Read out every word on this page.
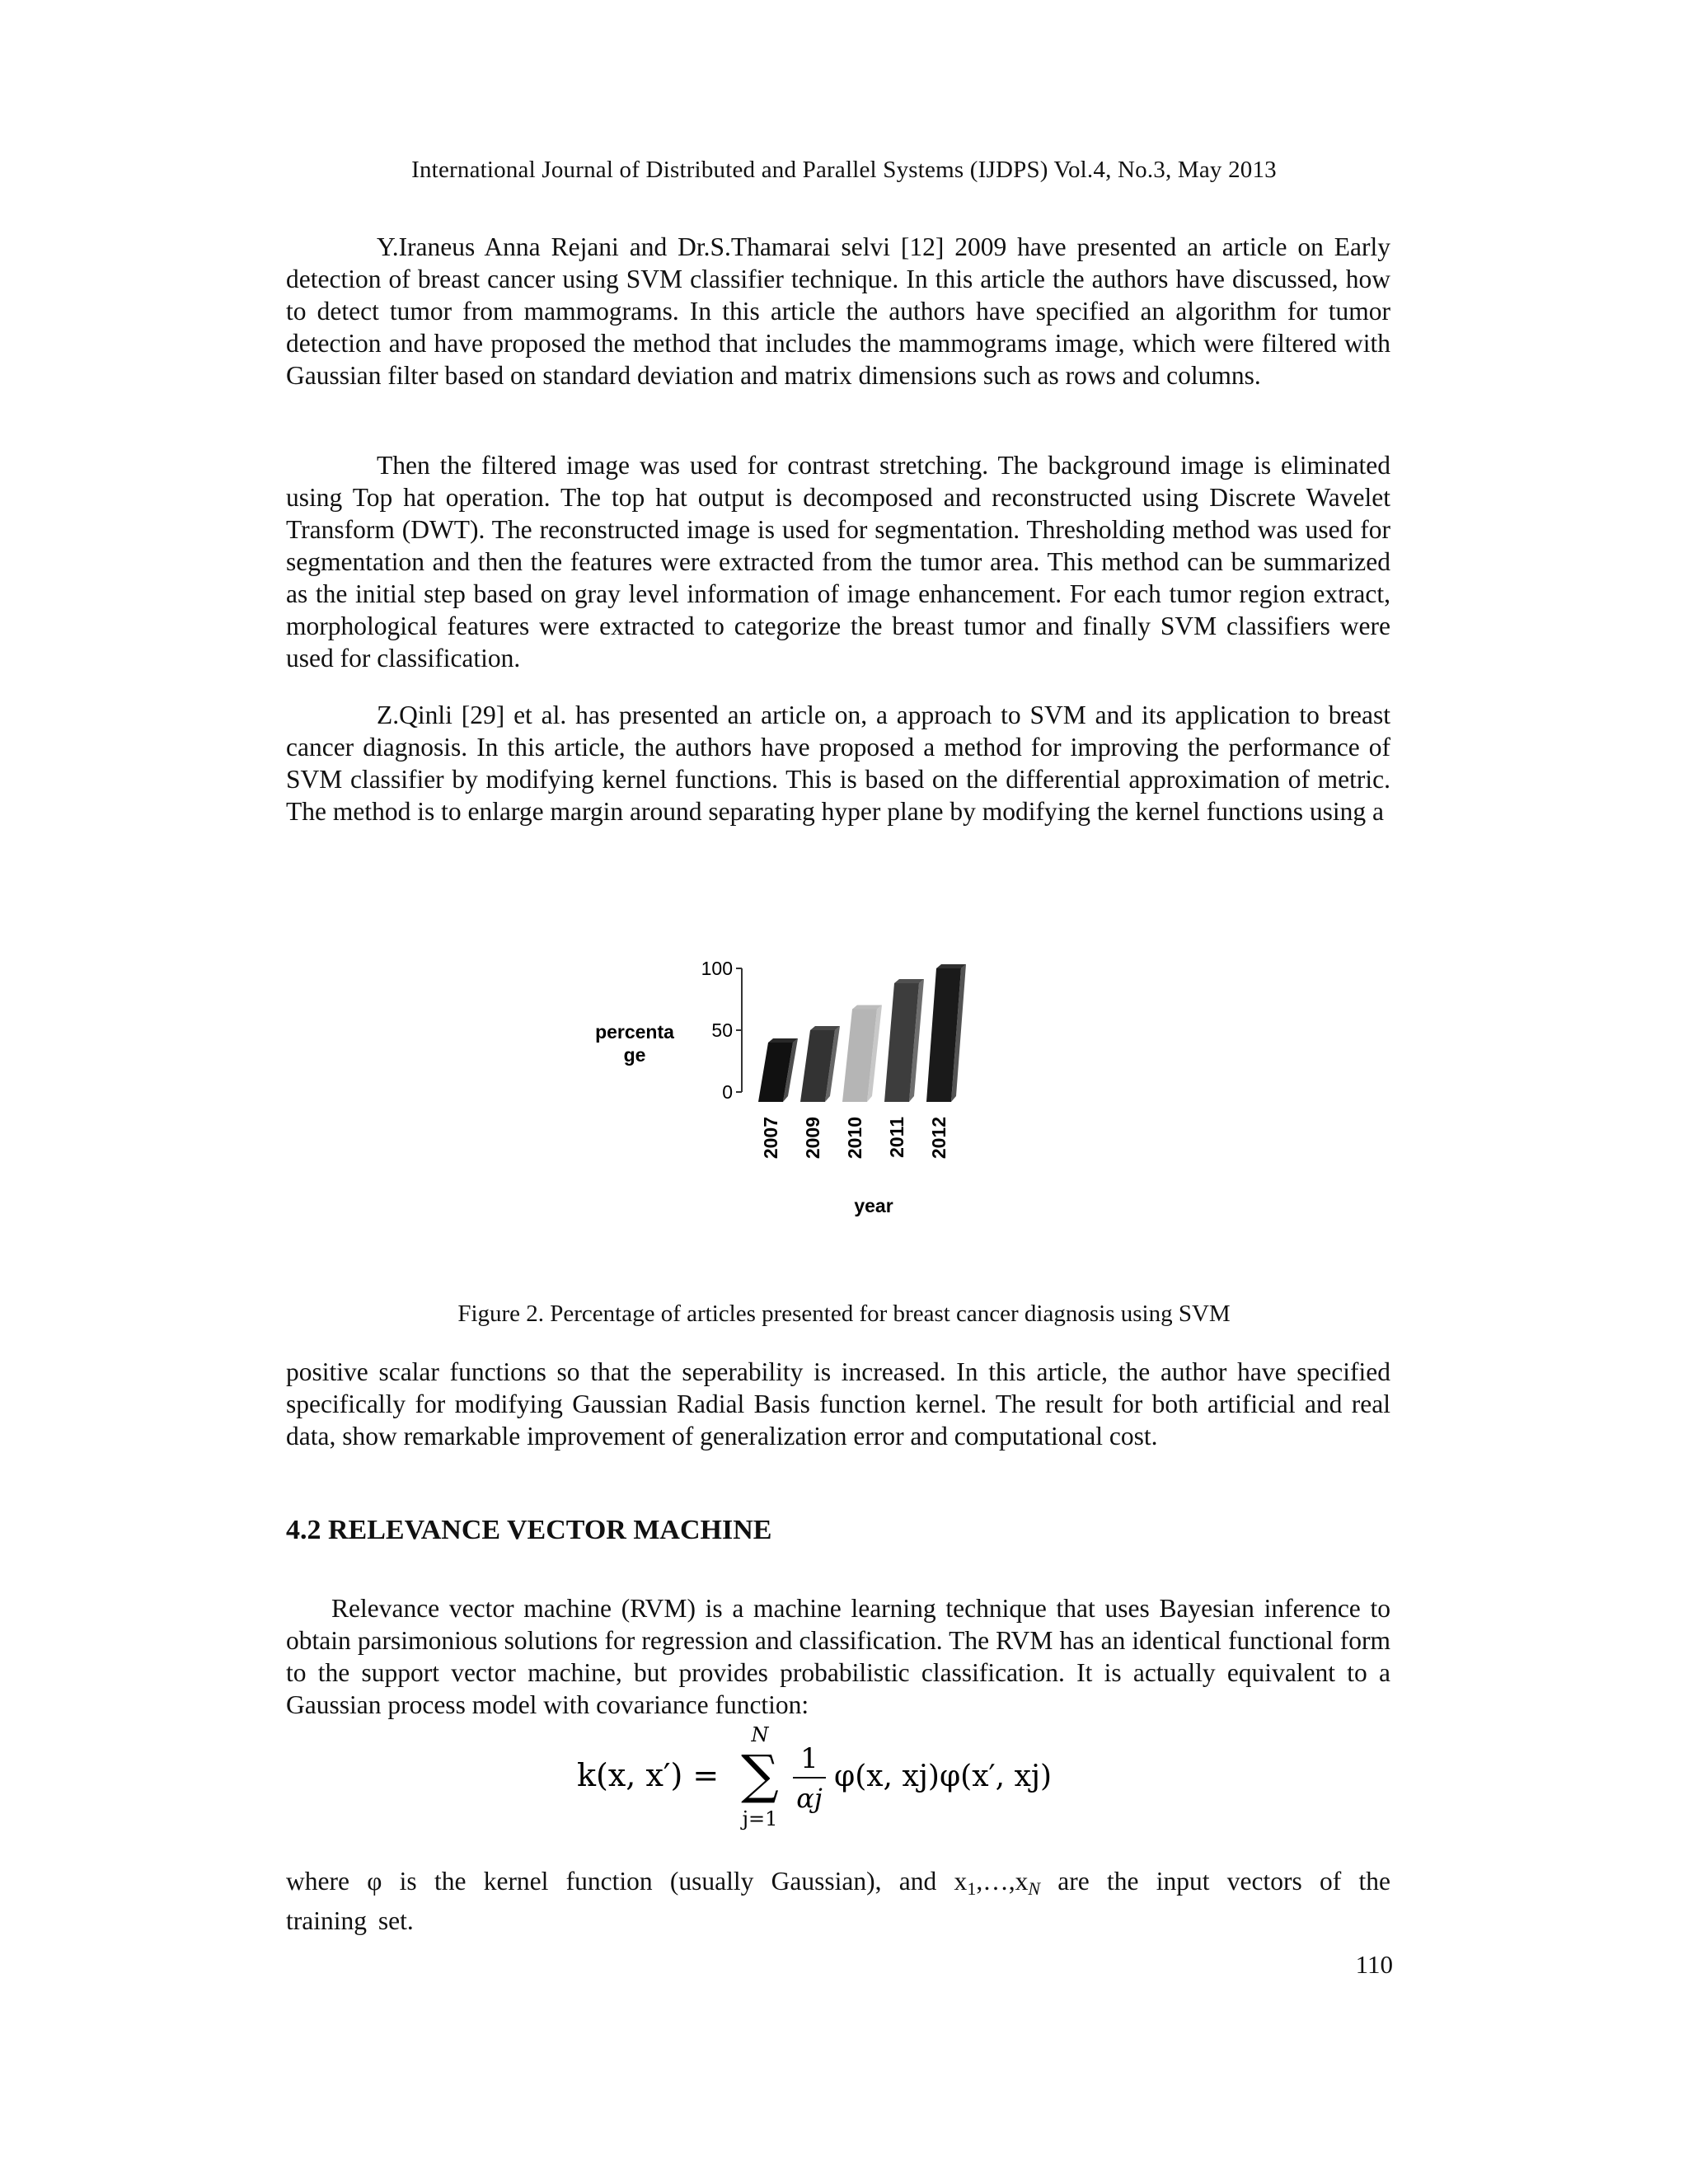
International Journal of Distributed and Parallel Systems (IJDPS) Vol.4, No.3, May 2013

Y.Iraneus Anna Rejani and Dr.S.Thamarai selvi [12] 2009 have presented an article on Early detection of breast cancer using SVM classifier technique. In this article the authors have discussed, how to detect tumor from mammograms. In this article the authors have specified an algorithm for tumor detection and have proposed the method that includes the mammograms image, which were filtered with Gaussian filter based on standard deviation and matrix dimensions such as rows and columns.

Then the filtered image was used for contrast stretching. The background image is eliminated using Top hat operation. The top hat output is decomposed and reconstructed using Discrete Wavelet Transform (DWT). The reconstructed image is used for segmentation. Thresholding method was used for segmentation and then the features were extracted from the tumor area. This method can be summarized as the initial step based on gray level information of image enhancement. For each tumor region extract, morphological features were extracted to categorize the breast tumor and finally SVM classifiers were used for classification.

Z.Qinli [29] et al. has presented an article on, a approach to SVM and its application to breast cancer diagnosis. In this article, the authors have proposed a method for improving the performance of SVM classifier by modifying kernel functions. This is based on the differential approximation of metric. The method is to enlarge margin around separating hyper plane by modifying the kernel functions using a

percenta
ge
100
50
0
2007 2009 2010 2011 2012
year
Figure 2. Percentage of articles presented for breast cancer diagnosis using SVM

positive scalar functions so that the seperability is increased. In this article, the author have specified specifically for modifying Gaussian Radial Basis function kernel. The result for both artificial and real data, show remarkable improvement of generalization error and computational cost.

4.2 RELEVANCE VECTOR MACHINE

Relevance vector machine (RVM) is a machine learning technique that uses Bayesian inference to obtain parsimonious solutions for regression and classification. The RVM has an identical functional form to the support vector machine, but provides probabilistic classification. It is actually equivalent to a Gaussian process model with covariance function:

k(x, x′) =
N
∑
j=1
1
αj
φ(x, xj)φ(x′, xj)

where φ is the kernel function (usually Gaussian), and $x_1,\dots,x_N$ are the input vectors of the training set.

110
